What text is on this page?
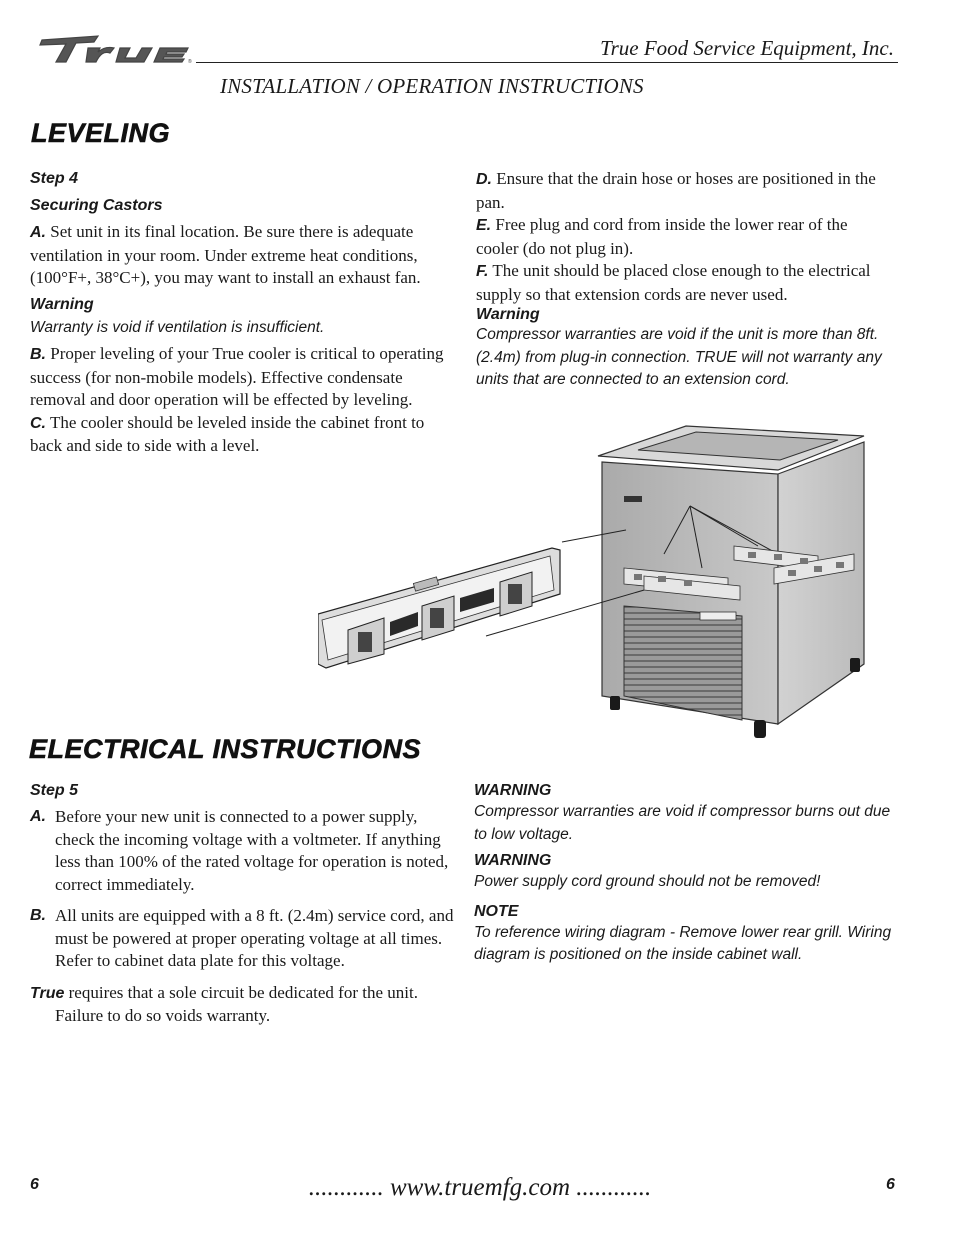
®
True Food Service Equipment, Inc.
INSTALLATION / OPERATION INSTRUCTIONS
LEVELING

Step 4

Securing Castors

A. Set unit in its final location. Be sure there is adequate ventilation in your room. Under extreme heat conditions, (100°F+, 38°C+), you may want to install an exhaust fan.

Warning

Warranty is void if ventilation is insufficient.

B. Proper leveling of your True cooler is critical to operating success (for non-mobile models). Effective condensate removal and door operation will be effected by leveling.

C. The cooler should be leveled inside the cabinet front to back and side to side with a level.

D. Ensure that the drain hose or hoses are positioned in the pan.

E. Free plug and cord from inside the lower rear of the cooler (do not plug in).

F. The unit should be placed close enough to the electrical supply so that extension cords are never used.

Warning

Compressor warranties are void if the unit is more than 8ft. (2.4m) from plug-in connection. TRUE will not warranty any units that are connected to an extension cord.

ELECTRICAL INSTRUCTIONS

Step 5

A. Before your new unit is connected to a power supply, check the incoming voltage with a voltmeter. If anything less than 100% of the rated voltage for operation is noted, correct immediately.
B. All units are equipped with a 8 ft. (2.4m) service cord, and must be powered at proper operating voltage at all times. Refer to cabinet data plate for this voltage.
True requires that a sole circuit be dedicated for the unit. Failure to do so voids warranty.

WARNING

Compressor warranties are void if compressor burns out due to low voltage.

WARNING

Power supply cord ground should not be removed!

NOTE

To reference wiring diagram - Remove lower rear grill. Wiring diagram is positioned on the inside cabinet wall.

6	............ www.truemfg.com ............	6
